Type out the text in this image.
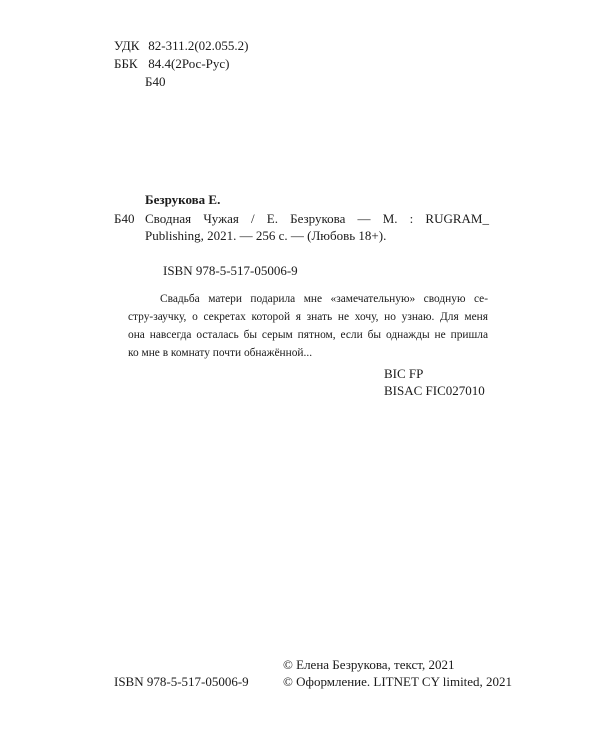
УДК 82-311.2(02.055.2)
ББК 84.4(2Рос-Рус)
Б40
Безрукова Е.
Б40 Сводная Чужая / Е. Безрукова — М. : RUGRAM_
Publishing, 2021. — 256 с. — (Любовь 18+).
ISBN 978-5-517-05006-9
Свадьба матери подарила мне «замечательную» сводную се-
стру-заучку, о секретах которой я знать не хочу, но узнаю. Для меня
она навсегда осталась бы серым пятном, если бы однажды не пришла
ко мне в комнату почти обнажённой...
BIC FP
BISAC FIC027010
© Елена Безрукова, текст, 2021
ISBN 978-5-517-05006-9	© Оформление. LITNET CY limited, 2021
